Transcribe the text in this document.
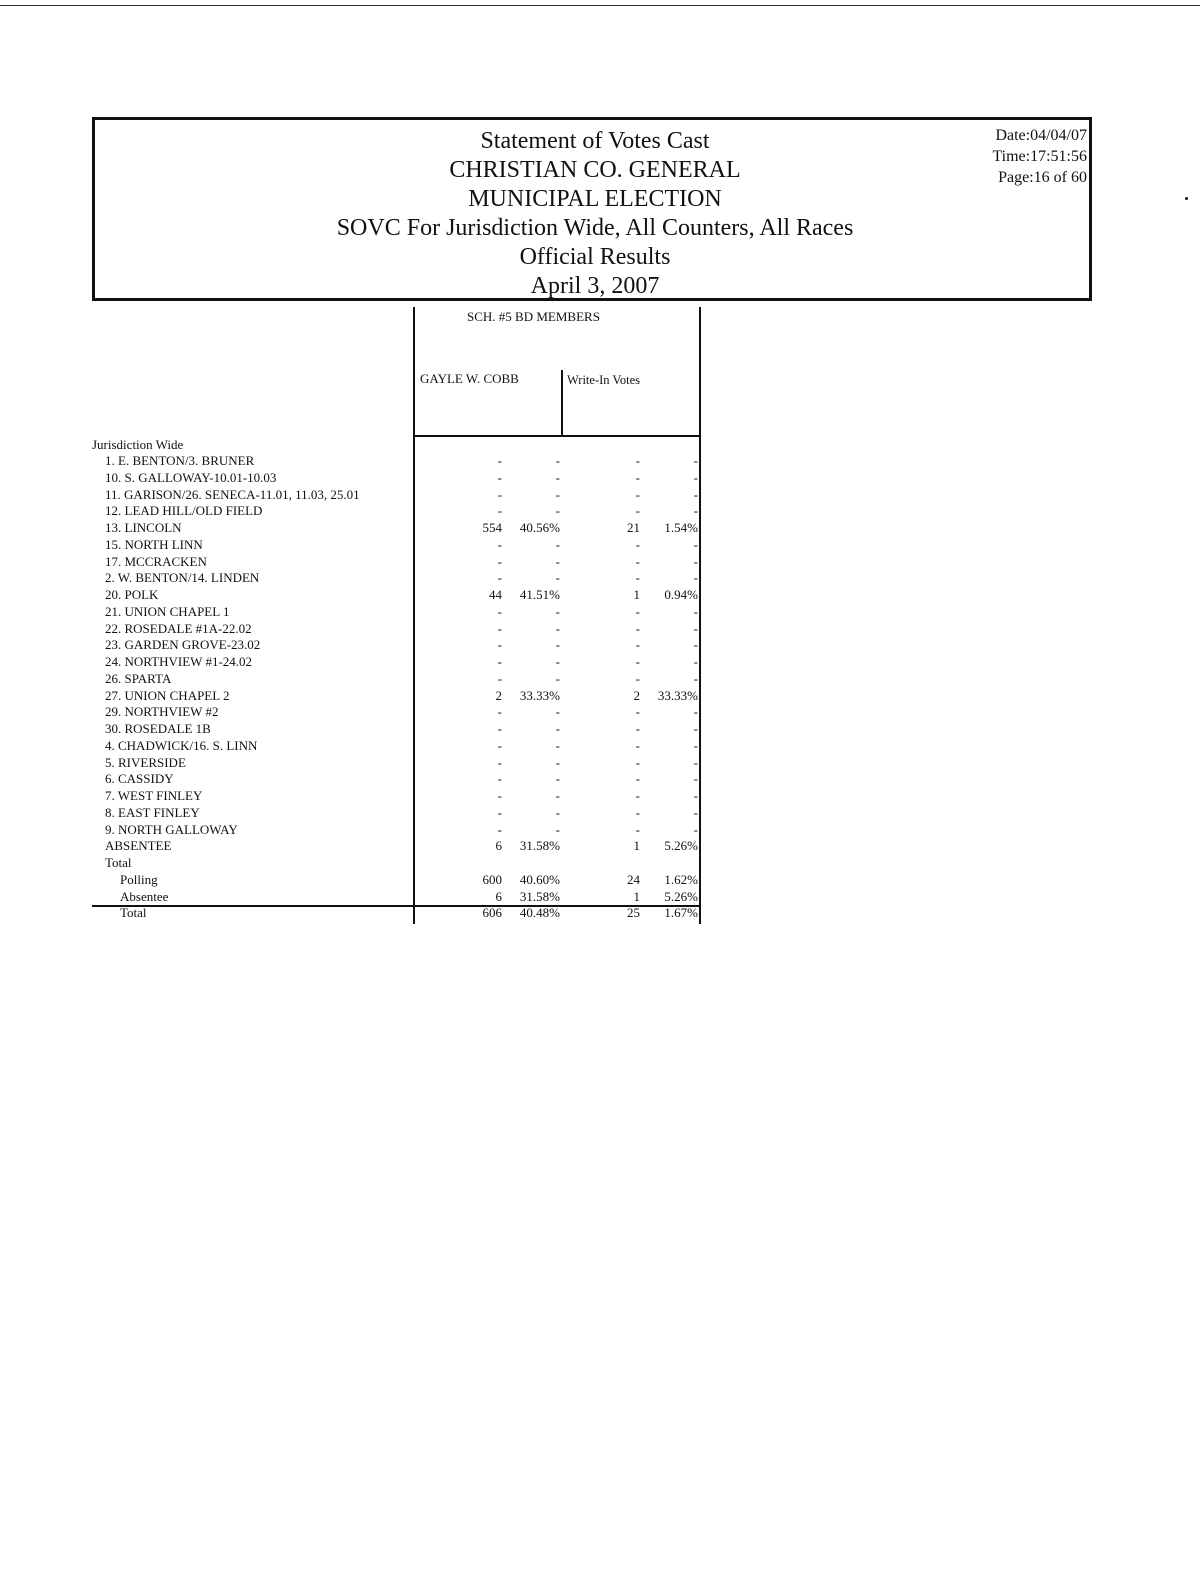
Statement of Votes Cast
CHRISTIAN CO. GENERAL
MUNICIPAL ELECTION
SOVC For Jurisdiction Wide, All Counters, All Races
Official Results
April 3, 2007
Date:04/04/07
Time:17:51:56
Page:16 of 60
SCH. #5 BD MEMBERS
GAYLE W. COBB	Write-In Votes
Jurisdiction Wide
1. E. BENTON/3. BRUNER	-	-	-	-
10. S. GALLOWAY-10.01-10.03	-	-	-	-
11. GARISON/26. SENECA-11.01, 11.03, 25.01	-	-	-	-
12. LEAD HILL/OLD FIELD	-	-	-	-
13. LINCOLN	554 40.56%	21 1.54%
15. NORTH LINN	-	-	-	-
17. MCCRACKEN	-	-	-	-
2. W. BENTON/14. LINDEN	-	-	-	-
20. POLK	44 41.51%	1 0.94%
21. UNION CHAPEL 1	-	-	-	-
22. ROSEDALE #1A-22.02	-	-	-	-
23. GARDEN GROVE-23.02	-	-	-	-
24. NORTHVIEW #1-24.02	-	-	-	-
26. SPARTA	-	-	-	-
27. UNION CHAPEL 2	2 33.33%	2 33.33%
29. NORTHVIEW #2	-	-	-	-
30. ROSEDALE 1B	-	-	-	-
4. CHADWICK/16. S. LINN	-	-	-	-
5. RIVERSIDE	-	-	-	-
6. CASSIDY	-	-	-	-
7. WEST FINLEY	-	-	-	-
8. EAST FINLEY	-	-	-	-
9. NORTH GALLOWAY	-	-	-	-
ABSENTEE	6 31.58%	1 5.26%
Total
Polling	600 40.60%	24 1.62%
Absentee	6 31.58%	1 5.26%
Total	606 40.48%	25 1.67%
